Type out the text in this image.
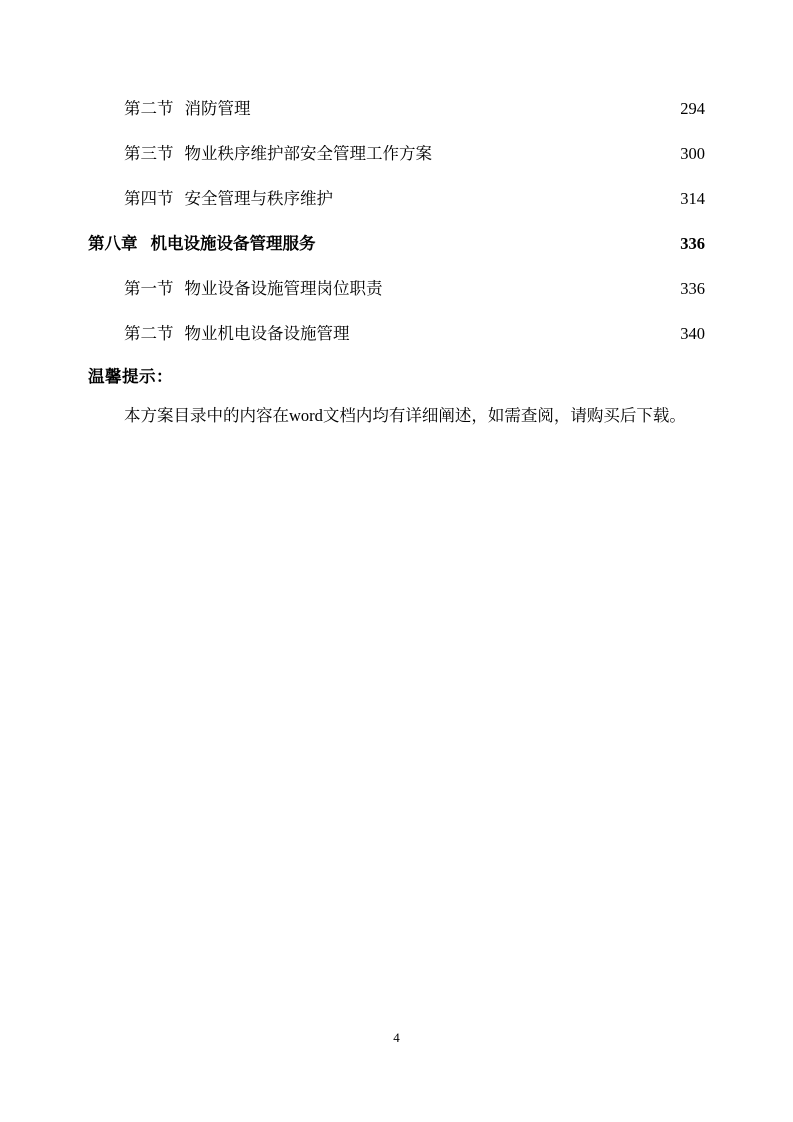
第二节 消防管理 . . .	294
第三节 物业秩序维护部安全管理工作方案 . . .	300
第四节 安全管理与秩序维护 . . .	314
第八章 机电设施设备管理服务 . . .	336
第一节 物业设备设施管理岗位职责 . . .	336
第二节 物业机电设备设施管理 . . .	340
温馨提示：
本方案目录中的内容在word文档内均有详细阐述，如需查阅，请购买后下载。
4
